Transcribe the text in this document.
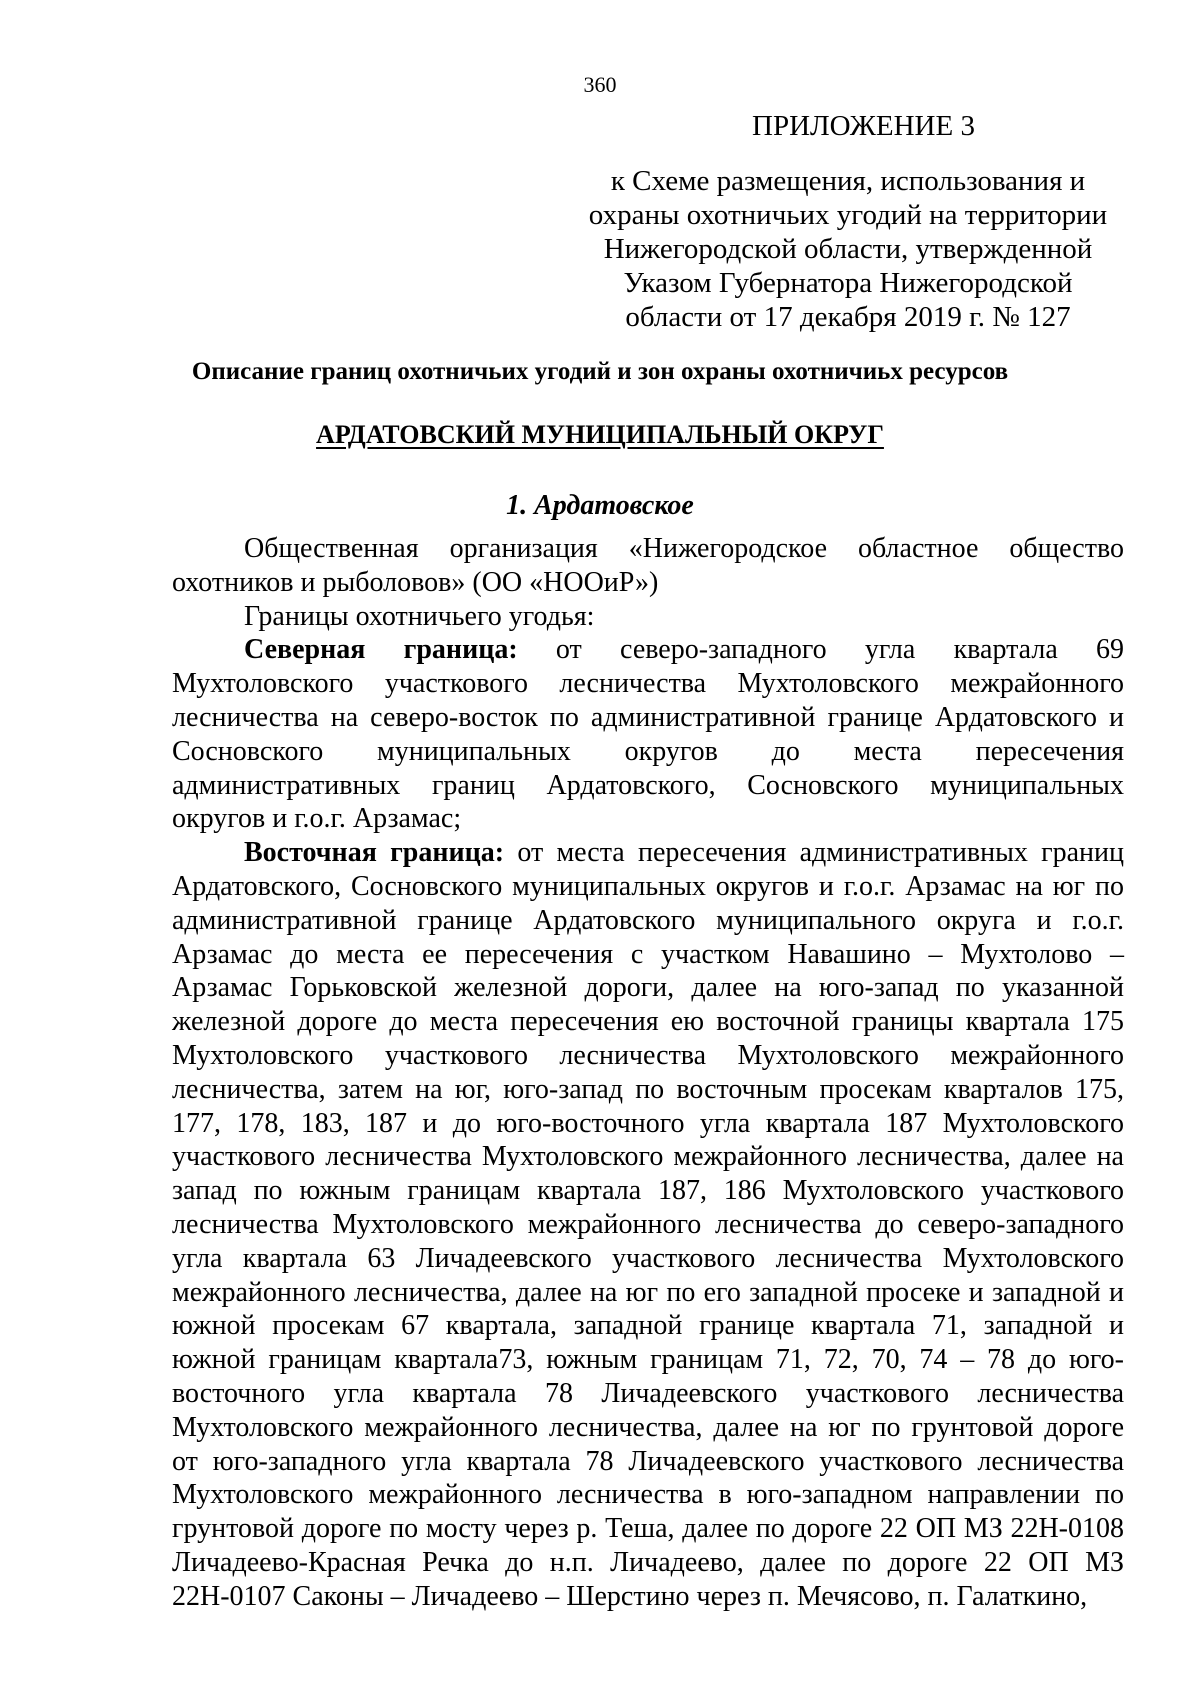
360
ПРИЛОЖЕНИЕ 3
к Схеме размещения, использования и
охраны охотничьих угодий на территории
Нижегородской области, утвержденной
Указом Губернатора Нижегородской
области от 17 декабря 2019 г. № 127
Описание границ охотничьих угодий и зон охраны охотничиьх ресурсов
АРДАТОВСКИЙ МУНИЦИПАЛЬНЫЙ ОКРУГ
1. Ардатовское

Общественная организация «Нижегородское областное общество охотников и рыболовов» (ОО «НООиР»)

Границы охотничьего угодья:

Северная граница: от северо-западного угла квартала 69 Мухтоловского участкового лесничества Мухтоловского межрайонного лесничества на северо-восток по административной границе Ардатовского и Сосновского муниципальных округов до места пересечения административных границ Ардатовского, Сосновского муниципальных округов и г.о.г. Арзамас;

Восточная граница: от места пересечения административных границ Ардатовского, Сосновского муниципальных округов и г.о.г. Арзамас на юг по административной границе Ардатовского муниципального округа и г.о.г. Арзамас до места ее пересечения с участком Навашино – Мухтолово – Арзамас Горьковской железной дороги, далее на юго-запад по указанной железной дороге до места пересечения ею восточной границы квартала 175 Мухтоловского участкового лесничества Мухтоловского межрайонного лесничества, затем на юг, юго-запад по восточным просекам кварталов 175, 177, 178, 183, 187 и до юго-восточного угла квартала 187 Мухтоловского участкового лесничества Мухтоловского межрайонного лесничества, далее на запад по южным границам квартала 187, 186 Мухтоловского участкового лесничества Мухтоловского межрайонного лесничества до северо-западного угла квартала 63 Личадеевского участкового лесничества Мухтоловского межрайонного лесничества, далее на юг по его западной просеке и западной и южной просекам 67 квартала, западной границе квартала 71, западной и южной границам квартала73, южным границам 71, 72, 70, 74 – 78 до юго-восточного угла квартала 78 Личадеевского участкового лесничества Мухтоловского межрайонного лесничества, далее на юг по грунтовой дороге от юго-западного угла квартала 78 Личадеевского участкового лесничества Мухтоловского межрайонного лесничества в юго-западном направлении по грунтовой дороге по мосту через р. Теша, далее по дороге 22 ОП МЗ 22Н-0108 Личадеево-Красная Речка до н.п. Личадеево, далее по дороге 22 ОП МЗ 22Н-0107 Саконы – Личадеево – Шерстино через п. Мечясово, п. Галаткино,
